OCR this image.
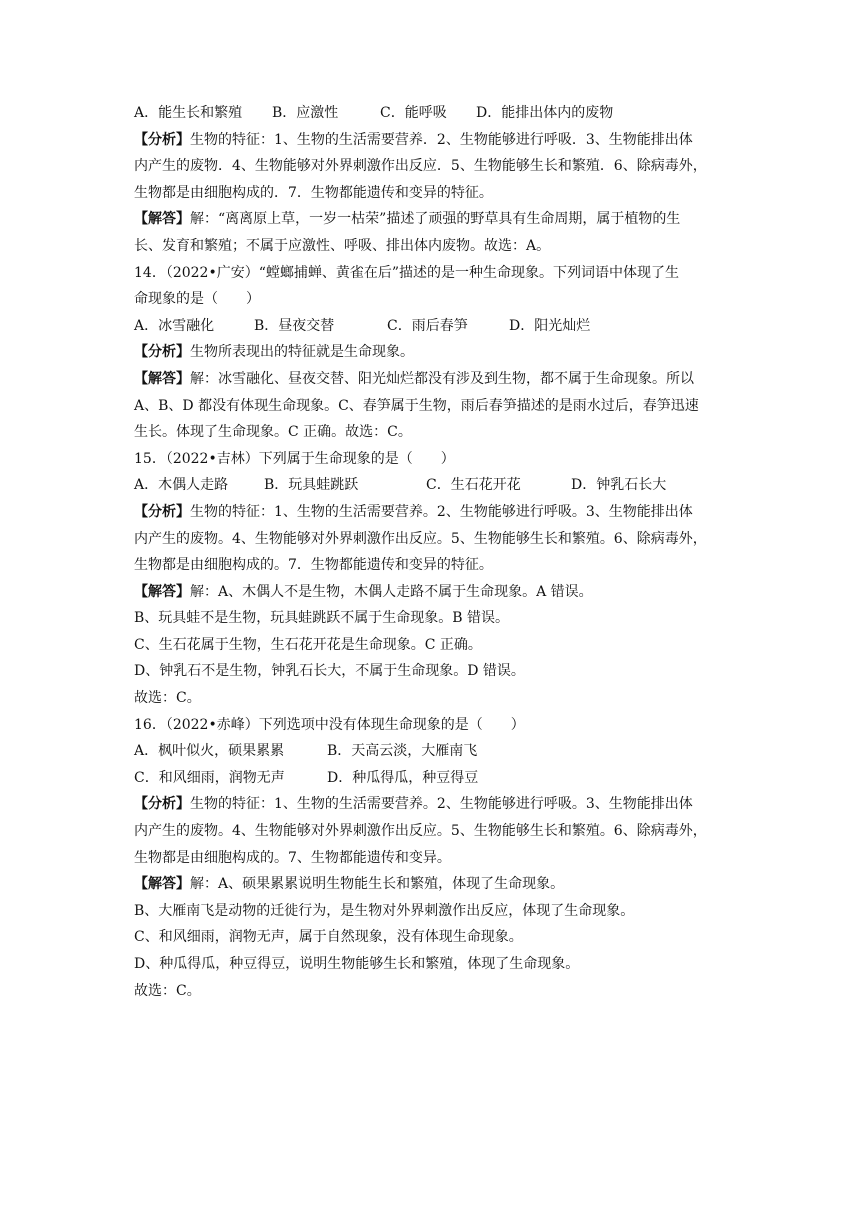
A．能生长和繁殖	B．应激性	C．能呼吸	D．能排出体内的废物
【分析】生物的特征：1、生物的生活需要营养．2、生物能够进行呼吸．3、生物能排出体
内产生的废物．4、生物能够对外界刺激作出反应．5、生物能够生长和繁殖．6、除病毒外，
生物都是由细胞构成的．7．生物都能遗传和变异的特征。
【解答】解：“离离原上草，一岁一枯荣”描述了顽强的野草具有生命周期，属于植物的生
长、发育和繁殖；不属于应激性、呼吸、排出体内废物。故选：A。
14．（2022•广安）“螳螂捕蝉、黄雀在后”描述的是一种生命现象。下列词语中体现了生
命现象的是（　　）
A．冰雪融化	B．昼夜交替	C．雨后春笋	D．阳光灿烂
【分析】生物所表现出的特征就是生命现象。
【解答】解：冰雪融化、昼夜交替、阳光灿烂都没有涉及到生物，都不属于生命现象。所以
A、B、D 都没有体现生命现象。C、春笋属于生物，雨后春笋描述的是雨水过后，春笋迅速
生长。体现了生命现象。C 正确。故选：C。
15．（2022•吉林）下列属于生命现象的是（　　）
A．木偶人走路	B．玩具蛙跳跃	C．生石花开花	D．钟乳石长大
【分析】生物的特征：1、生物的生活需要营养。2、生物能够进行呼吸。3、生物能排出体
内产生的废物。4、生物能够对外界刺激作出反应。5、生物能够生长和繁殖。6、除病毒外，
生物都是由细胞构成的。7．生物都能遗传和变异的特征。
【解答】解：A、木偶人不是生物，木偶人走路不属于生命现象。A 错误。
B、玩具蛙不是生物，玩具蛙跳跃不属于生命现象。B 错误。
C、生石花属于生物，生石花开花是生命现象。C 正确。
D、钟乳石不是生物，钟乳石长大，不属于生命现象。D 错误。
故选：C。
16．（2022•赤峰）下列选项中没有体现生命现象的是（　　）
A．枫叶似火，硕果累累	B．天高云淡，大雁南飞
C．和风细雨，润物无声	D．种瓜得瓜，种豆得豆
【分析】生物的特征：1、生物的生活需要营养。2、生物能够进行呼吸。3、生物能排出体
内产生的废物。4、生物能够对外界刺激作出反应。5、生物能够生长和繁殖。6、除病毒外，
生物都是由细胞构成的。7、生物都能遗传和变异。
【解答】解：A、硕果累累说明生物能生长和繁殖，体现了生命现象。
B、大雁南飞是动物的迁徙行为，是生物对外界刺激作出反应，体现了生命现象。
C、和风细雨，润物无声，属于自然现象，没有体现生命现象。
D、种瓜得瓜，种豆得豆，说明生物能够生长和繁殖，体现了生命现象。
故选：C。
